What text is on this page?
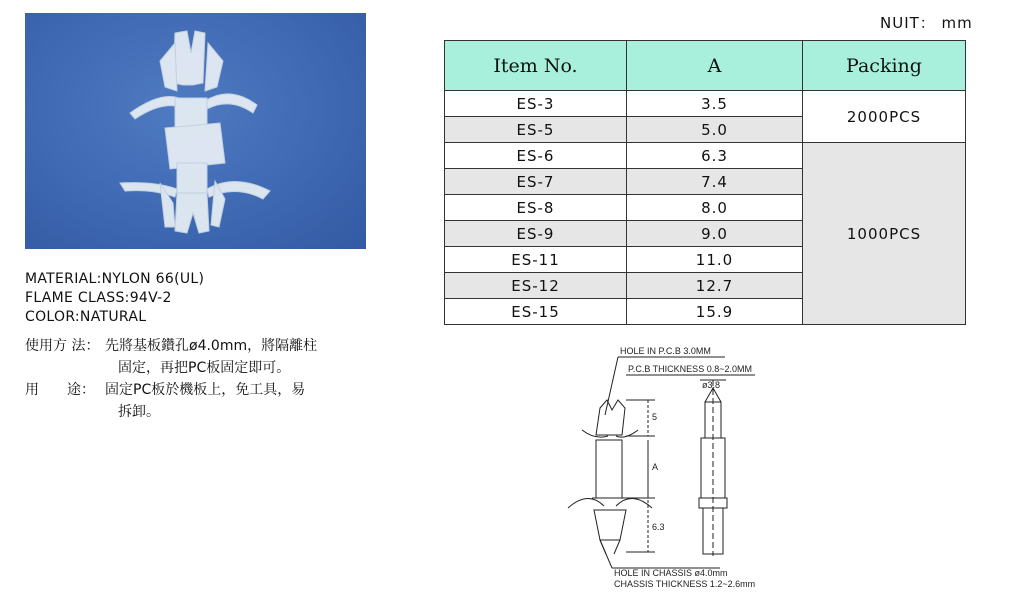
MATERIAL:NYLON 66(UL)
FLAME CLASS:94V-2
COLOR:NATURAL
使用方 法： 先將基板鑽孔ø4.0mm，將隔離柱
固定，再把PC板固定即可。
用　　途： 固定PC板於機板上，免工具，易
拆卸。
NUIT： mm
Item No.	A	Packing
ES-3	3.5	2000PCS
ES-5	5.0	
ES-6	6.3	1000PCS
ES-7	7.4	
ES-8	8.0	
ES-9	9.0	
ES-11	11.0	
ES-12	12.7	
ES-15	15.9	
HOLE IN P.C.B 3.0MM
P.C.B THICKNESS 0.8~2.0MM
ø3.8
5
A
6.3
HOLE IN CHASSIS ø4.0mm
CHASSIS THICKNESS 1.2~2.6mm
